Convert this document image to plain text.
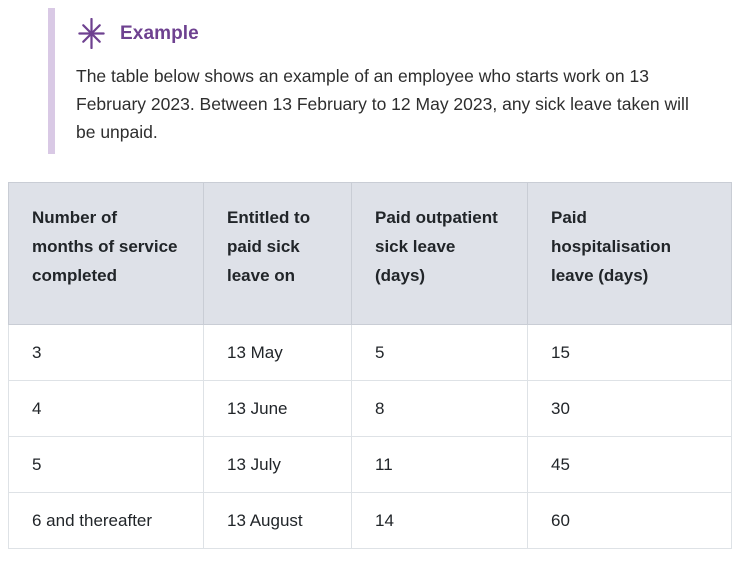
Example

The table below shows an example of an employee who starts work on 13 February 2023. Between 13 February to 12 May 2023, any sick leave taken will be unpaid.

Number of months of service completed	Entitled to paid sick leave on	Paid outpatient sick leave (days)	Paid hospitalisation leave (days)
3	13 May	5	15
4	13 June	8	30
5	13 July	11	45
6 and thereafter	13 August	14	60
